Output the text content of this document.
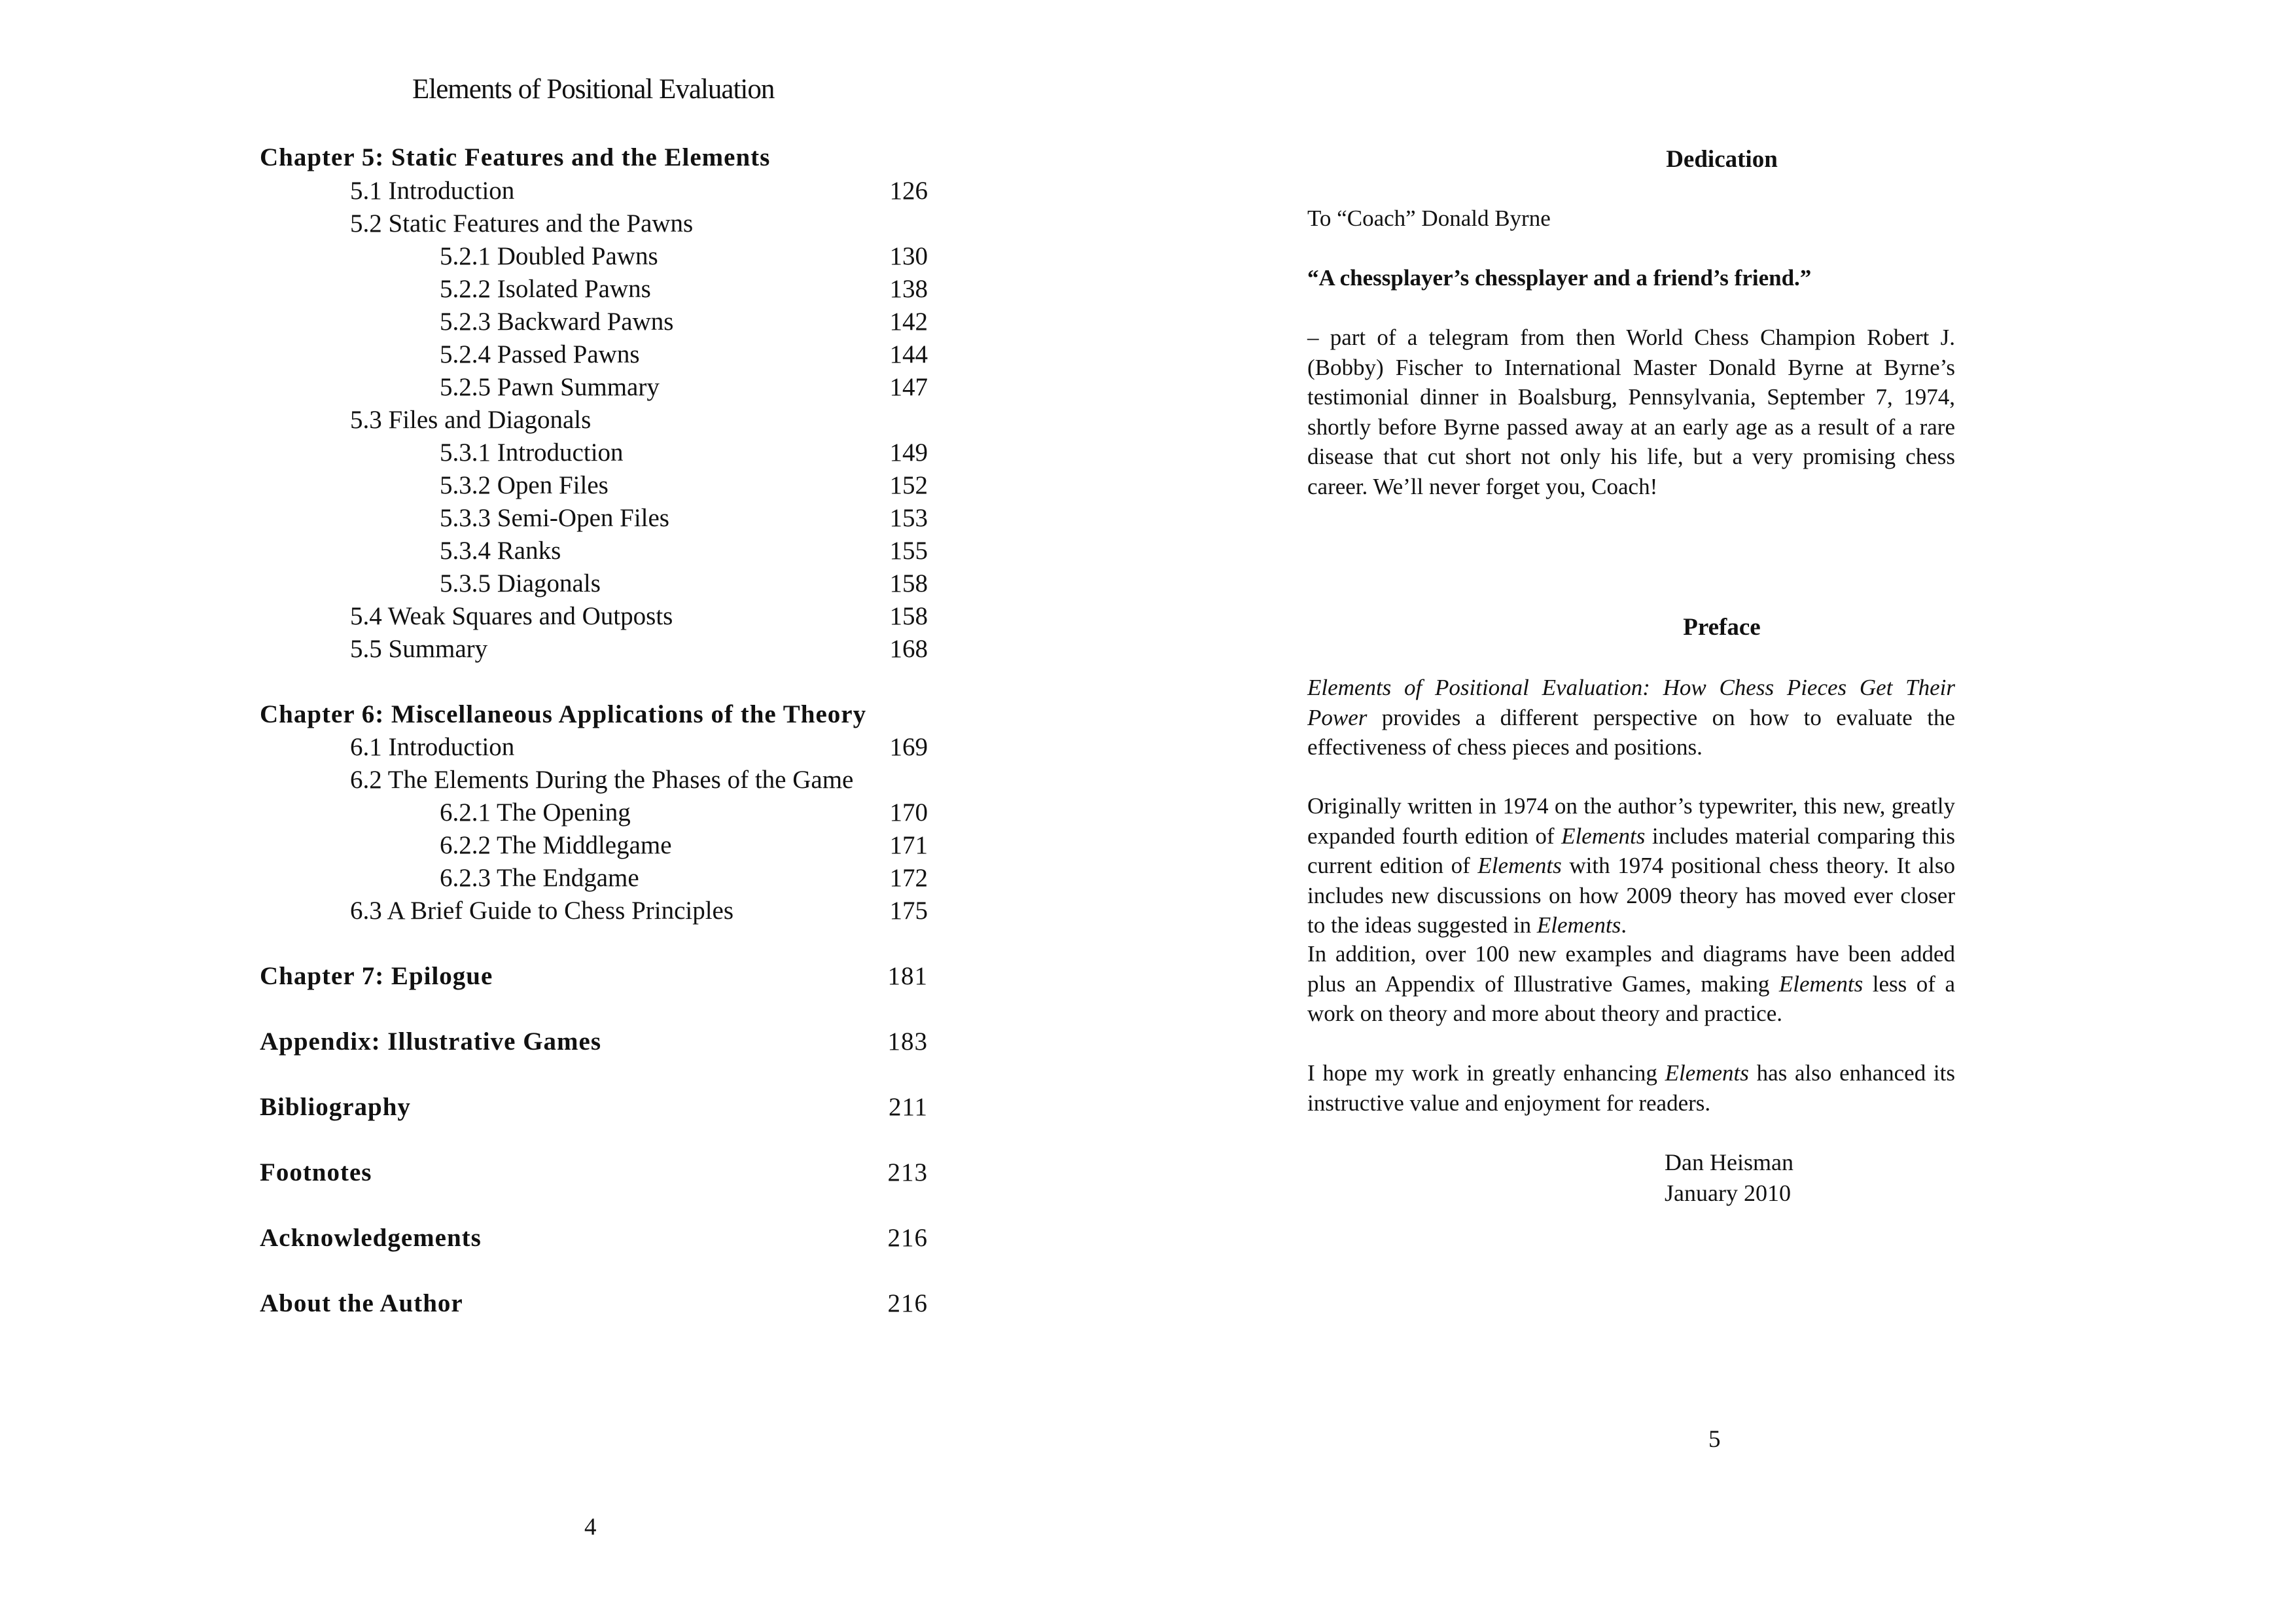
Elements of Positional Evaluation
Chapter 5: Static Features and the Elements
5.1 Introduction	126
5.2 Static Features and the Pawns
5.2.1 Doubled Pawns	130
5.2.2 Isolated Pawns	138
5.2.3 Backward Pawns	142
5.2.4 Passed Pawns	144
5.2.5 Pawn Summary	147
5.3 Files and Diagonals
5.3.1 Introduction	149
5.3.2 Open Files	152
5.3.3 Semi-Open Files	153
5.3.4 Ranks	155
5.3.5 Diagonals	158
5.4 Weak Squares and Outposts	158
5.5 Summary	168
Chapter 6: Miscellaneous Applications of the Theory
6.1 Introduction	169
6.2 The Elements During the Phases of the Game
6.2.1 The Opening	170
6.2.2 The Middlegame	171
6.2.3 The Endgame	172
6.3 A Brief Guide to Chess Principles	175
Chapter 7: Epilogue	181
Appendix: Illustrative Games	183
Bibliography	211
Footnotes	213
Acknowledgements	216
About the Author	216
4
Dedication

To “Coach” Donald Byrne

“A chessplayer’s chessplayer and a friend’s friend.”

– part of a telegram from then World Chess Champion Robert J. (Bobby) Fischer to International Master Donald Byrne at Byrne’s testimonial dinner in Boalsburg, Pennsylvania, September 7, 1974, shortly before Byrne passed away at an early age as a result of a rare disease that cut short not only his life, but a very promising chess career. We’ll never forget you, Coach!

Preface

Elements of Positional Evaluation: How Chess Pieces Get Their Power provides a different perspective on how to evaluate the effectiveness of chess pieces and positions.

Originally written in 1974 on the author’s typewriter, this new, greatly expanded fourth edition of Elements includes material comparing this current edition of Elements with 1974 positional chess theory. It also includes new discussions on how 2009 theory has moved ever closer to the ideas suggested in Elements.

In addition, over 100 new examples and diagrams have been added plus an Appendix of Illustrative Games, making Elements less of a work on theory and more about theory and practice.

I hope my work in greatly enhancing Elements has also enhanced its instructive value and enjoyment for readers.

Dan Heisman
January 2010
5
